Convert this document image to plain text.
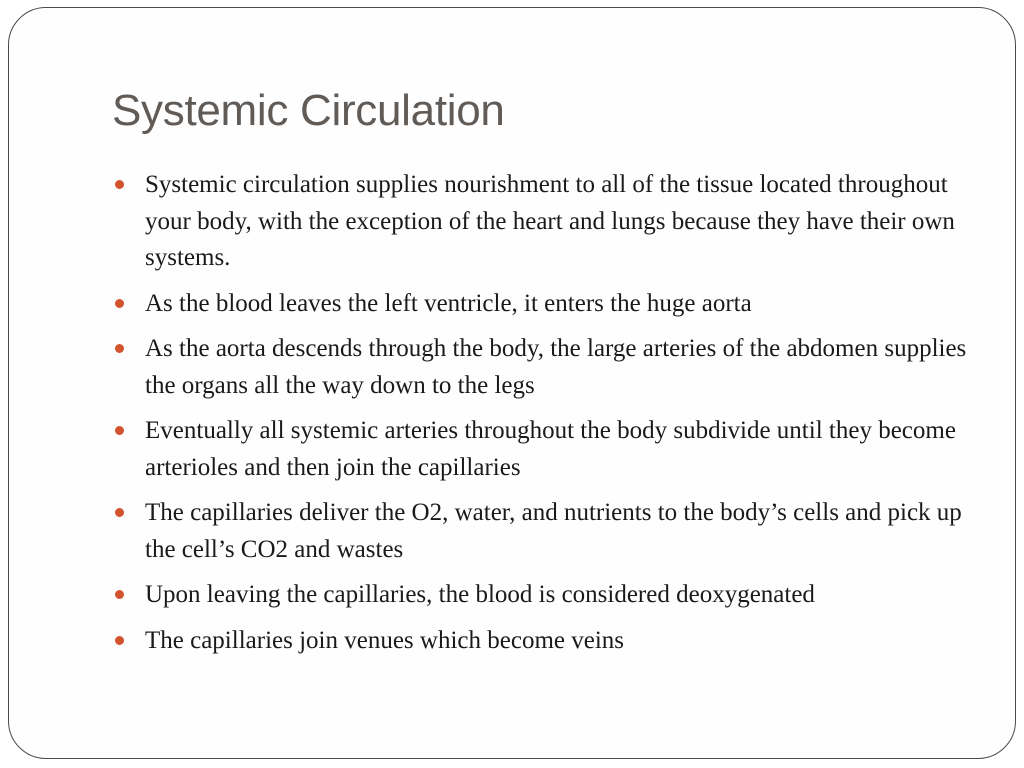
Systemic Circulation
Systemic circulation supplies nourishment to all of the tissue located throughout your body, with the exception of the heart and lungs because they have their own systems.
As the blood leaves the left ventricle, it enters the huge aorta
As the aorta descends through the body, the large arteries of the abdomen supplies the organs all the way down to the legs
Eventually all systemic arteries throughout the body subdivide until they become arterioles and then join the capillaries
The capillaries deliver the O2, water, and nutrients to the body’s cells and pick up the cell’s CO2 and wastes
Upon leaving the capillaries, the blood is considered deoxygenated
The capillaries join venues which become veins
